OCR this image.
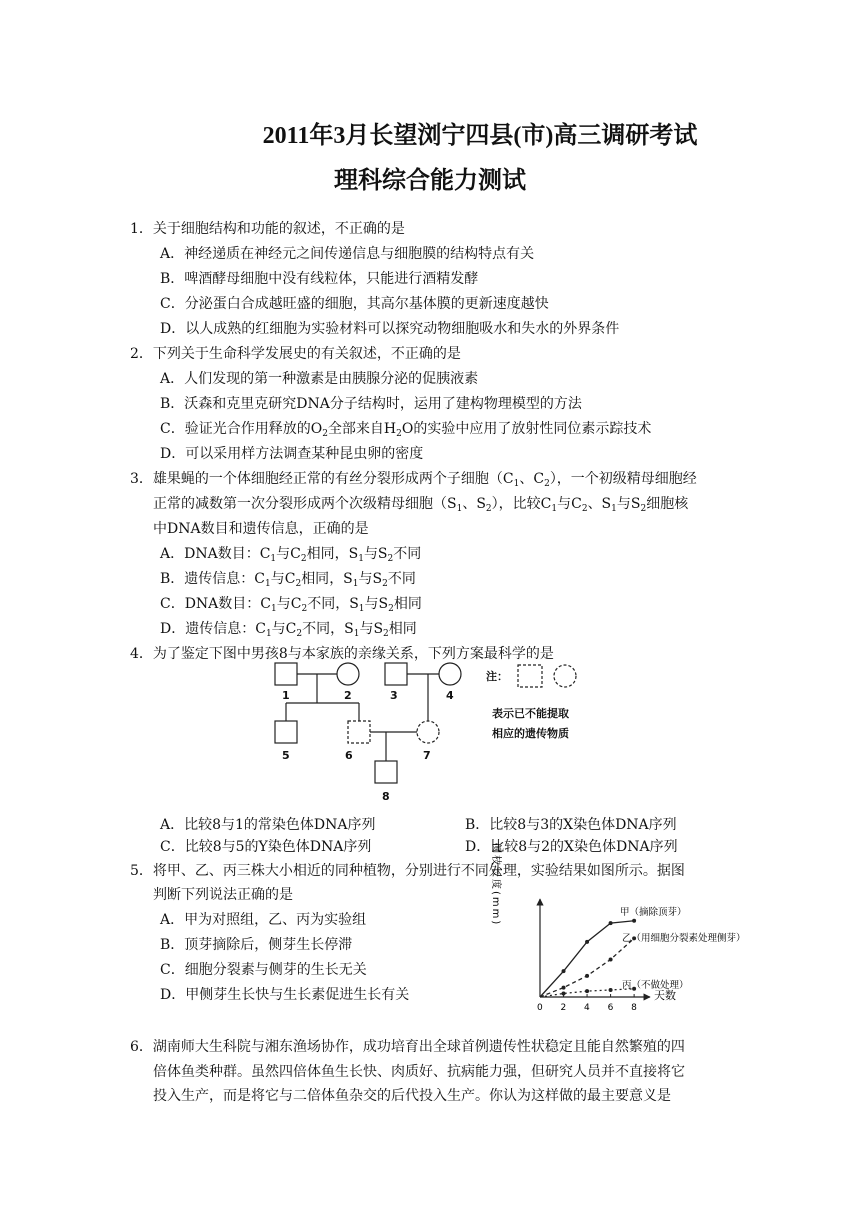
2011年3月长望浏宁四县(市)高三调研考试
理科综合能力测试
1．关于细胞结构和功能的叙述，不正确的是
A．神经递质在神经元之间传递信息与细胞膜的结构特点有关
B．啤酒酵母细胞中没有线粒体，只能进行酒精发酵
C．分泌蛋白合成越旺盛的细胞，其高尔基体膜的更新速度越快
D．以人成熟的红细胞为实验材料可以探究动物细胞吸水和失水的外界条件
2．下列关于生命科学发展史的有关叙述，不正确的是
A．人们发现的第一种激素是由胰腺分泌的促胰液素
B．沃森和克里克研究DNA分子结构时，运用了建构物理模型的方法
C．验证光合作用释放的$O_2$全部来自$H_2O$的实验中应用了放射性同位素示踪技术
D．可以采用样方法调查某种昆虫卵的密度
3．雄果蝇的一个体细胞经正常的有丝分裂形成两个子细胞（$C_1$、$C_2$），一个初级精母细胞经
正常的减数第一次分裂形成两个次级精母细胞（$S_1$、$S_2$），比较$C_1$与$C_2$、$S_1$与$S_2$细胞核
中DNA数目和遗传信息，正确的是
A．DNA数目：$C_1$与$C_2$相同，$S_1$与$S_2$不同
B．遗传信息：$C_1$与$C_2$相同，$S_1$与$S_2$不同
C．DNA数目：$C_1$与$C_2$不同，$S_1$与$S_2$相同
D．遗传信息：$C_1$与$C_2$不同，$S_1$与$S_2$相同
4．为了鉴定下图中男孩8与本家族的亲缘关系，下列方案最科学的是
1	2	3	4
5	6	7
8
注：
表示已不能提取
相应的遗传物质
A．比较8与1的常染色体DNA序列	B．比较8与3的X染色体DNA序列
C．比较8与5的Y染色体DNA序列	D．比较8与2的X染色体DNA序列
5．将甲、乙、丙三株大小相近的同种植物，分别进行不同处理，实验结果如图所示。据图
判断下列说法正确的是
A．甲为对照组，乙、丙为实验组
B．顶芽摘除后，侧芽生长停滞
C．细胞分裂素与侧芽的生长无关
D．甲侧芽生长快与生长素促进生长有关
侧枝长度(mm)
天数
0 2 4 6 8
甲（摘除顶芽）
乙（用细胞分裂素处理侧芽）
丙（不做处理）
6．湖南师大生科院与湘东渔场协作，成功培育出全球首例遗传性状稳定且能自然繁殖的四
倍体鱼类种群。虽然四倍体鱼生长快、肉质好、抗病能力强，但研究人员并不直接将它
投入生产，而是将它与二倍体鱼杂交的后代投入生产。你认为这样做的最主要意义是
